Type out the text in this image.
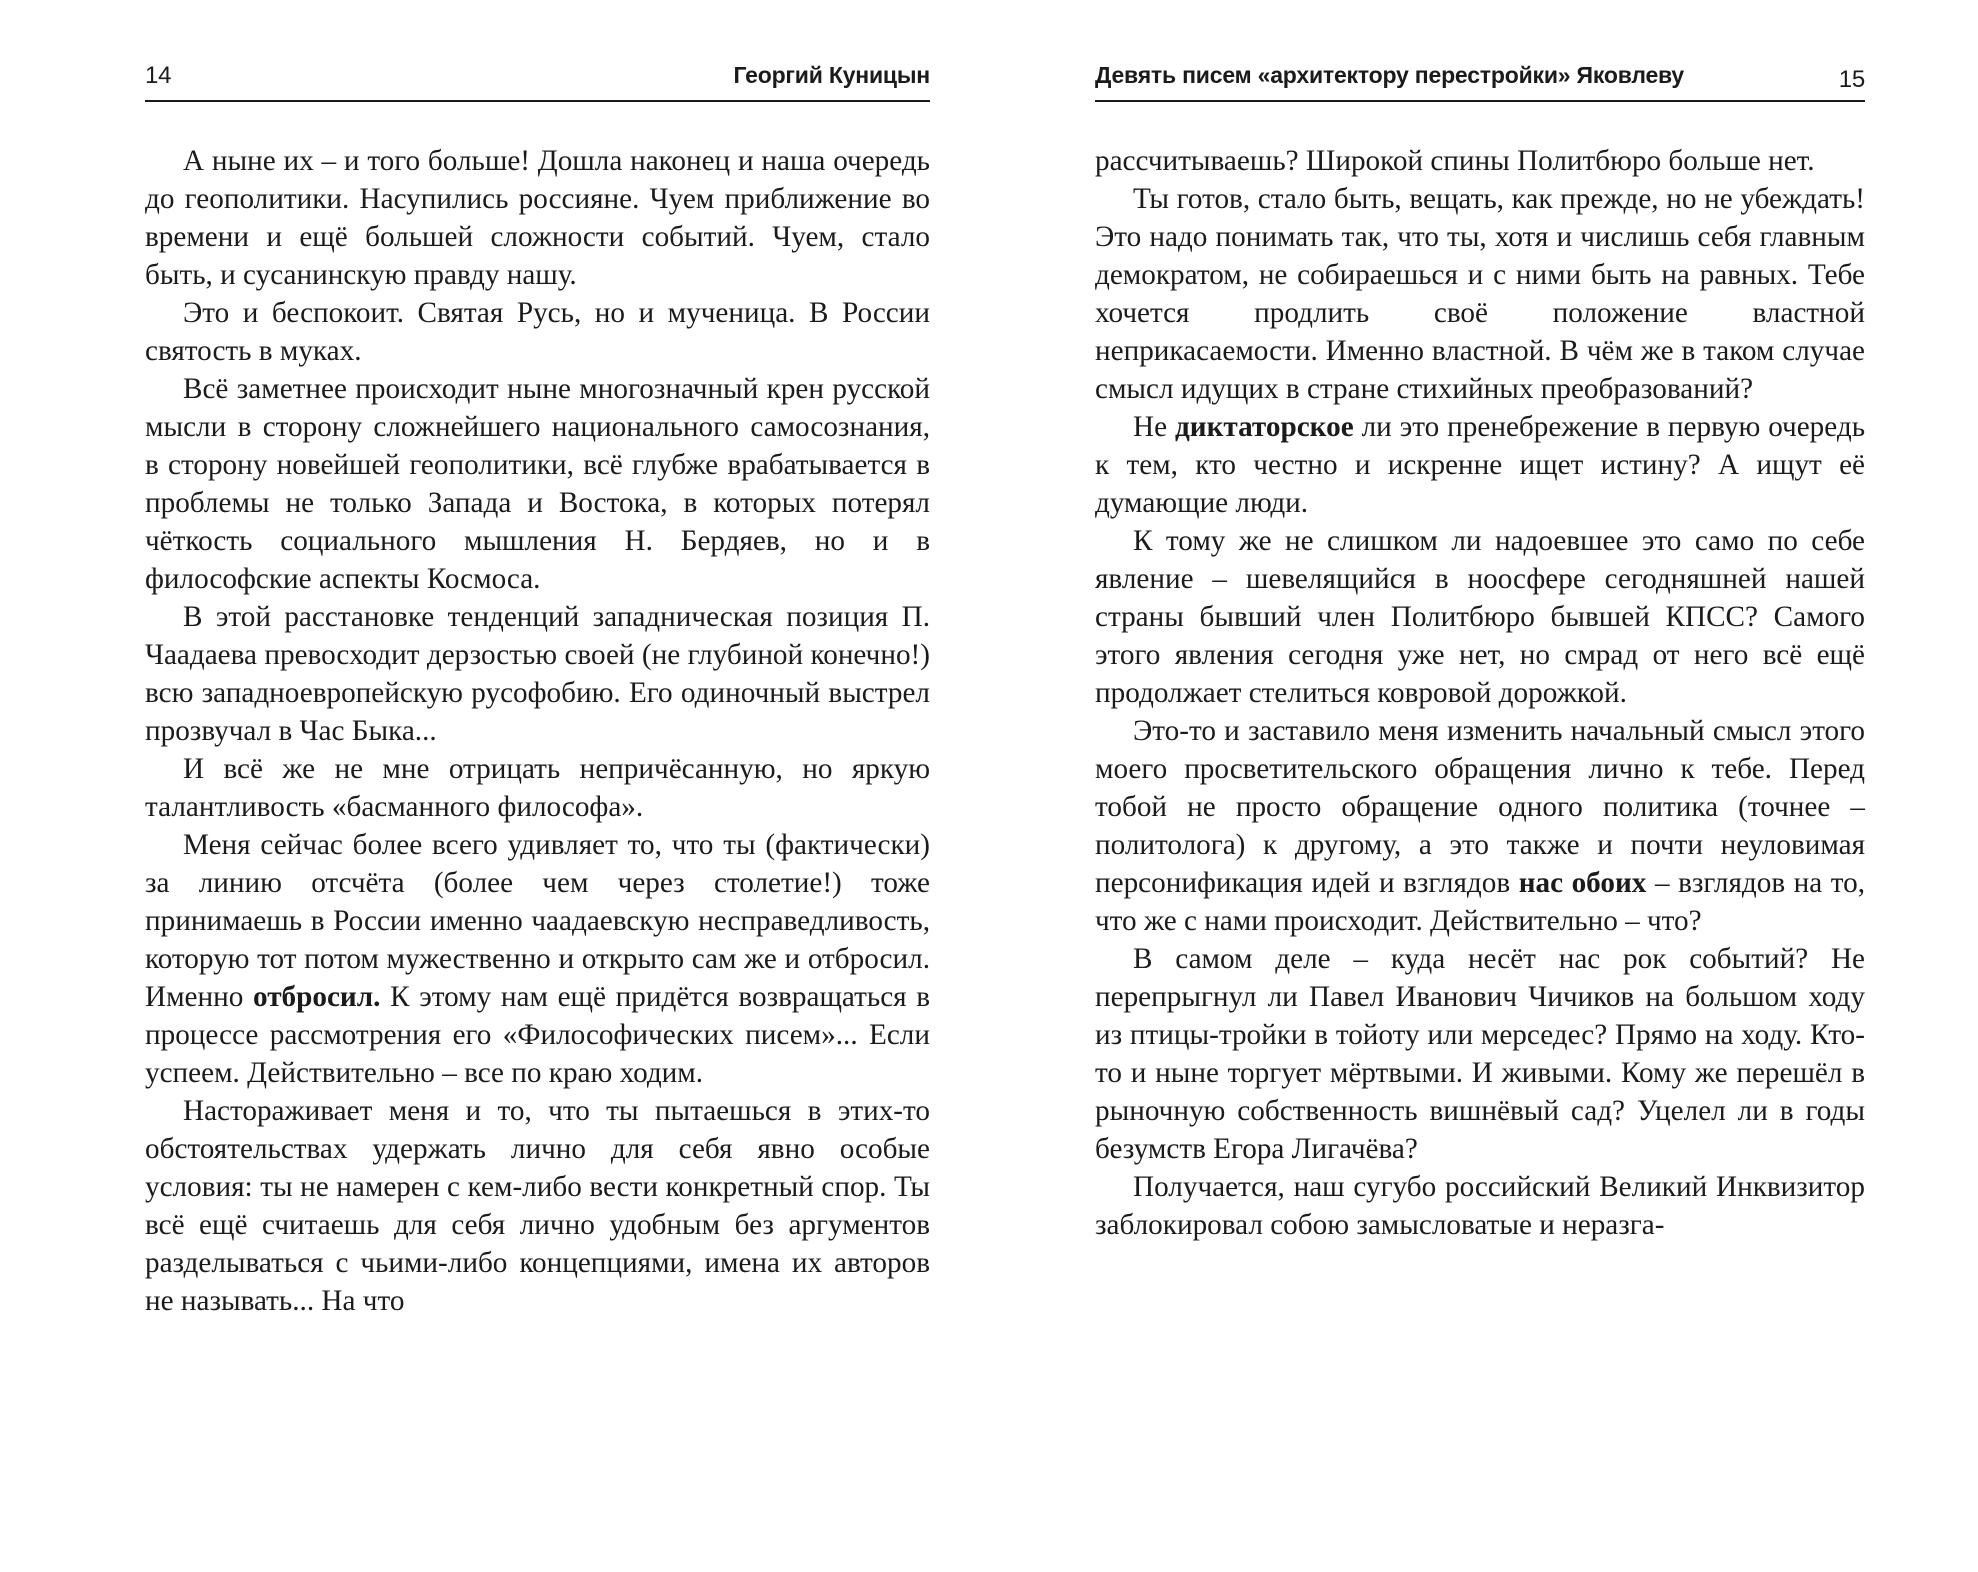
14	Георгий Куницын

А ныне их – и того больше! Дошла наконец и наша очередь до геополитики. Насупились россияне. Чуем приближение во времени и ещё большей сложности событий. Чуем, стало быть, и сусанинскую правду нашу.

Это и беспокоит. Святая Русь, но и мученица. В России святость в муках.

Всё заметнее происходит ныне многозначный крен русской мысли в сторону сложнейшего национального самосознания, в сторону новейшей геополитики, всё глубже врабатывается в проблемы не только Запада и Востока, в которых потерял чёткость социального мышления Н. Бердяев, но и в философские аспекты Космоса.

В этой расстановке тенденций западническая позиция П. Чаадаева превосходит дерзостью своей (не глубиной конечно!) всю западноевропейскую русофобию. Его одиночный выстрел прозвучал в Час Быка...

И всё же не мне отрицать непричёсанную, но яркую талантливость «басманного философа».

Меня сейчас более всего удивляет то, что ты (фактически) за линию отсчёта (более чем через столетие!) тоже принимаешь в России именно чаадаевскую несправедливость, которую тот потом мужественно и открыто сам же и отбросил. Именно отбросил. К этому нам ещё придётся возвращаться в процессе рассмотрения его «Философических писем»... Если успеем. Действительно – все по краю ходим.

Настораживает меня и то, что ты пытаешься в этих-то обстоятельствах удержать лично для себя явно особые условия: ты не намерен с кем-либо вести конкретный спор. Ты всё ещё считаешь для себя лично удобным без аргументов разделываться с чьими-либо концепциями, имена их авторов не называть... На что

Девять писем «архитектору перестройки» Яковлеву	15

рассчитываешь? Широкой спины Политбюро больше нет.

Ты готов, стало быть, вещать, как прежде, но не убеждать! Это надо понимать так, что ты, хотя и числишь себя главным демократом, не собираешься и с ними быть на равных. Тебе хочется продлить своё положение властной неприкасаемости. Именно властной. В чём же в таком случае смысл идущих в стране стихийных преобразований?

Не диктаторское ли это пренебрежение в первую очередь к тем, кто честно и искренне ищет истину? А ищут её думающие люди.

К тому же не слишком ли надоевшее это само по себе явление – шевелящийся в ноосфере сегодняшней нашей страны бывший член Политбюро бывшей КПСС? Самого этого явления сегодня уже нет, но смрад от него всё ещё продолжает стелиться ковровой дорожкой.

Это-то и заставило меня изменить начальный смысл этого моего просветительского обращения лично к тебе. Перед тобой не просто обращение одного политика (точнее – политолога) к другому, а это также и почти неуловимая персонификация идей и взглядов нас обоих – взглядов на то, что же с нами происходит. Действительно – что?

В самом деле – куда несёт нас рок событий? Не перепрыгнул ли Павел Иванович Чичиков на большом ходу из птицы-тройки в тойоту или мерседес? Прямо на ходу. Кто-то и ныне торгует мёртвыми. И живыми. Кому же перешёл в рыночную собственность вишнёвый сад? Уцелел ли в годы безумств Егора Лигачёва?

Получается, наш сугубо российский Великий Инквизитор заблокировал собою замысловатые и неразга-
